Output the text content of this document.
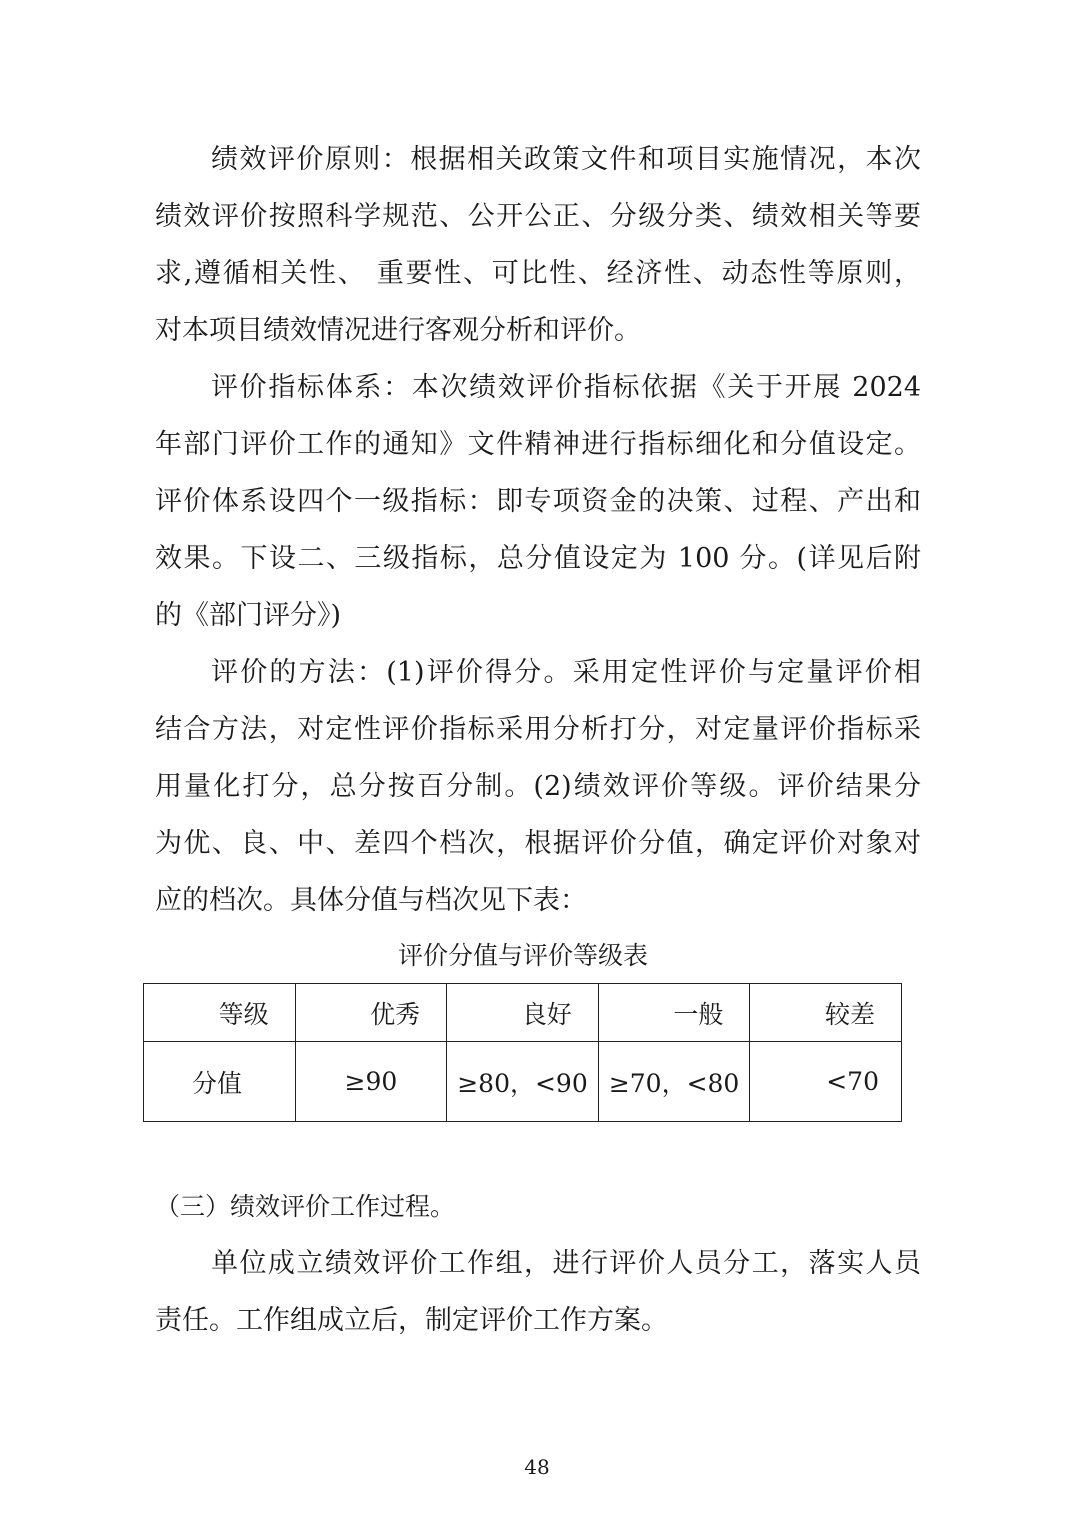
绩效评价原则：根据相关政策文件和项目实施情况，本次
绩效评价按照科学规范、公开公正、分级分类、绩效相关等要
求,遵循相关性、 重要性、可比性、经济性、动态性等原则，
对本项目绩效情况进行客观分析和评价。
评价指标体系：本次绩效评价指标依据《关于开展 2024
年部门评价工作的通知》文件精神进行指标细化和分值设定。
评价体系设四个一级指标：即专项资金的决策、过程、产出和
效果。下设二、三级指标，总分值设定为 100 分。(详见后附
的《部门评分》)
评价的方法：(1)评价得分。采用定性评价与定量评价相
结合方法，对定性评价指标采用分析打分，对定量评价指标采
用量化打分，总分按百分制。(2)绩效评价等级。评价结果分
为优、良、中、差四个档次，根据评价分值，确定评价对象对
应的档次。具体分值与档次见下表：
评价分值与评价等级表
等级	优秀	良好	一般	较差
分值	≥90	≥80，<90	≥70，<80	<70
（三）绩效评价工作过程。
单位成立绩效评价工作组，进行评价人员分工，落实人员
责任。工作组成立后，制定评价工作方案。
48
